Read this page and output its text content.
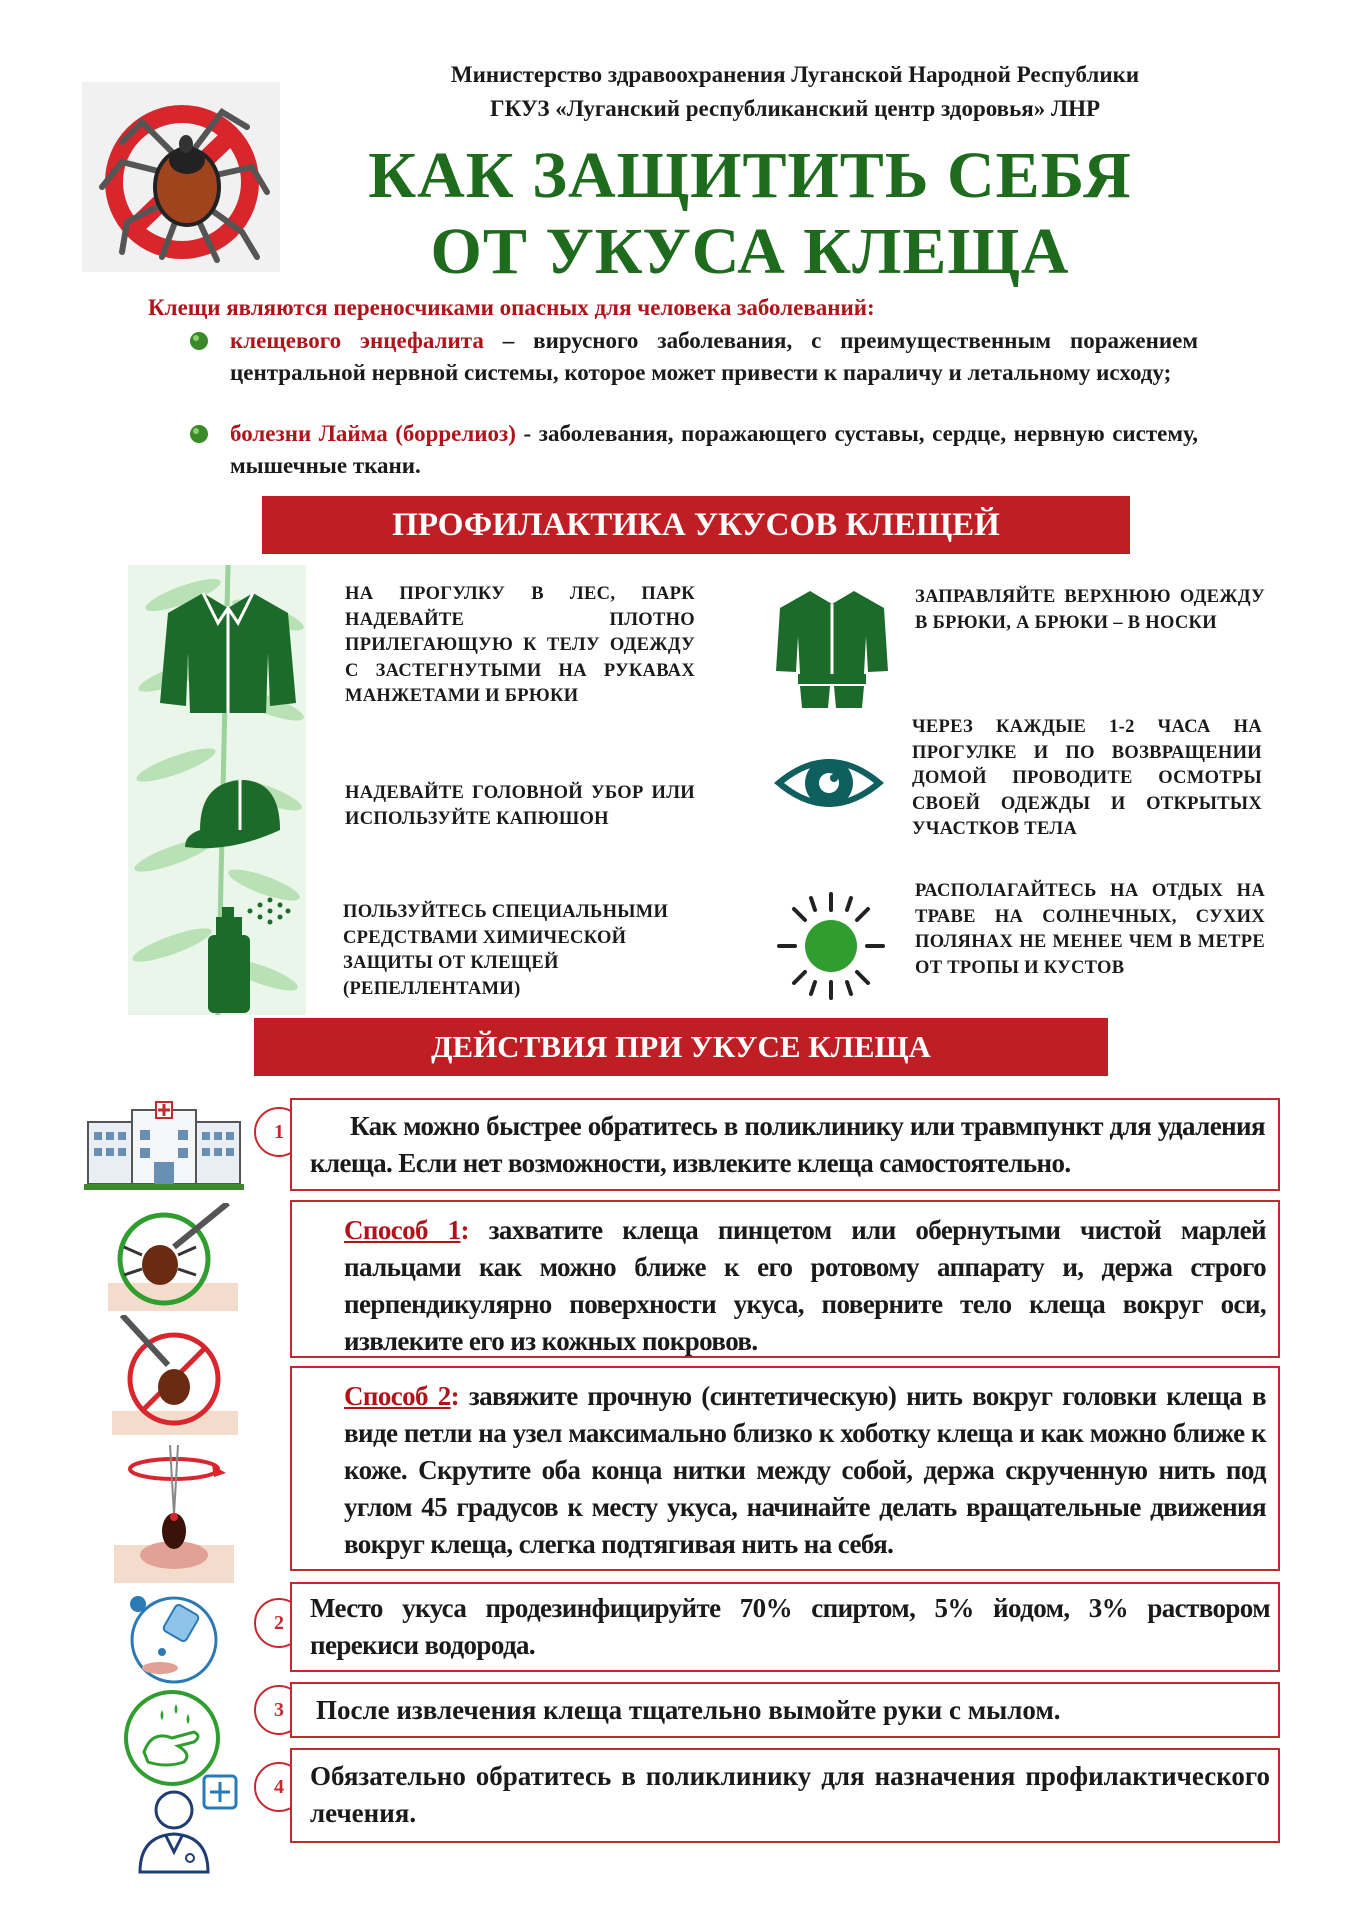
Министерство здравоохранения Луганской Народной Республики
ГКУЗ «Луганский республиканский центр здоровья» ЛНР
КАК ЗАЩИТИТЬ СЕБЯ
ОТ УКУСА КЛЕЩА
Клещи являются переносчиками опасных для человека заболеваний:
клещевого энцефалита – вирусного заболевания, с преимущественным поражением центральной нервной системы, которое может привести к параличу и летальному исходу;
болезни Лайма (боррелиоз) - заболевания, поражающего суставы, сердце, нервную систему, мышечные ткани.
ПРОФИЛАКТИКА УКУСОВ КЛЕЩЕЙ
НА ПРОГУЛКУ В ЛЕС, ПАРК НАДЕВАЙТЕ ПЛОТНО ПРИЛЕГАЮЩУЮ К ТЕЛУ ОДЕЖДУ С ЗАСТЕГНУТЫМИ НА РУКАВАХ МАНЖЕТАМИ И БРЮКИ
НАДЕВАЙТЕ ГОЛОВНОЙ УБОР ИЛИ ИСПОЛЬЗУЙТЕ КАПЮШОН
ПОЛЬЗУЙТЕСЬ СПЕЦИАЛЬНЫМИ СРЕДСТВАМИ ХИМИЧЕСКОЙ ЗАЩИТЫ ОТ КЛЕЩЕЙ (РЕПЕЛЛЕНТАМИ)
ЗАПРАВЛЯЙТЕ ВЕРХНЮЮ ОДЕЖДУ В БРЮКИ, А БРЮКИ – В НОСКИ
ЧЕРЕЗ КАЖДЫЕ 1-2 ЧАСА НА ПРОГУЛКЕ И ПО ВОЗВРАЩЕНИИ ДОМОЙ ПРОВОДИТЕ ОСМОТРЫ СВОЕЙ ОДЕЖДЫ И ОТКРЫТЫХ УЧАСТКОВ ТЕЛА
РАСПОЛАГАЙТЕСЬ НА ОТДЫХ НА ТРАВЕ НА СОЛНЕЧНЫХ, СУХИХ ПОЛЯНАХ НЕ МЕНЕЕ ЧЕМ В МЕТРЕ ОТ ТРОПЫ И КУСТОВ
ДЕЙСТВИЯ ПРИ УКУСЕ КЛЕЩА
1	Как можно быстрее обратитесь в поликлинику или травмпункт для удаления клеща. Если нет возможности, извлеките клеща самостоятельно.
Способ 1: захватите клеща пинцетом или обернутыми чистой марлей пальцами как можно ближе к его ротовому аппарату и, держа строго перпендикулярно поверхности укуса, поверните тело клеща вокруг оси, извлеките его из кожных покровов.
Способ 2: завяжите прочную (синтетическую) нить вокруг головки клеща в виде петли на узел максимально близко к хоботку клеща и как можно ближе к коже. Скрутите оба конца нитки между собой, держа скрученную нить под углом 45 градусов к месту укуса, начинайте делать вращательные движения вокруг клеща, слегка подтягивая нить на себя.
2 Место укуса продезинфицируйте 70% спиртом, 5% йодом, 3% раствором перекиси водорода.
3	После извлечения клеща тщательно вымойте руки с мылом.
4 Обязательно обратитесь в поликлинику для назначения профилактического лечения.
